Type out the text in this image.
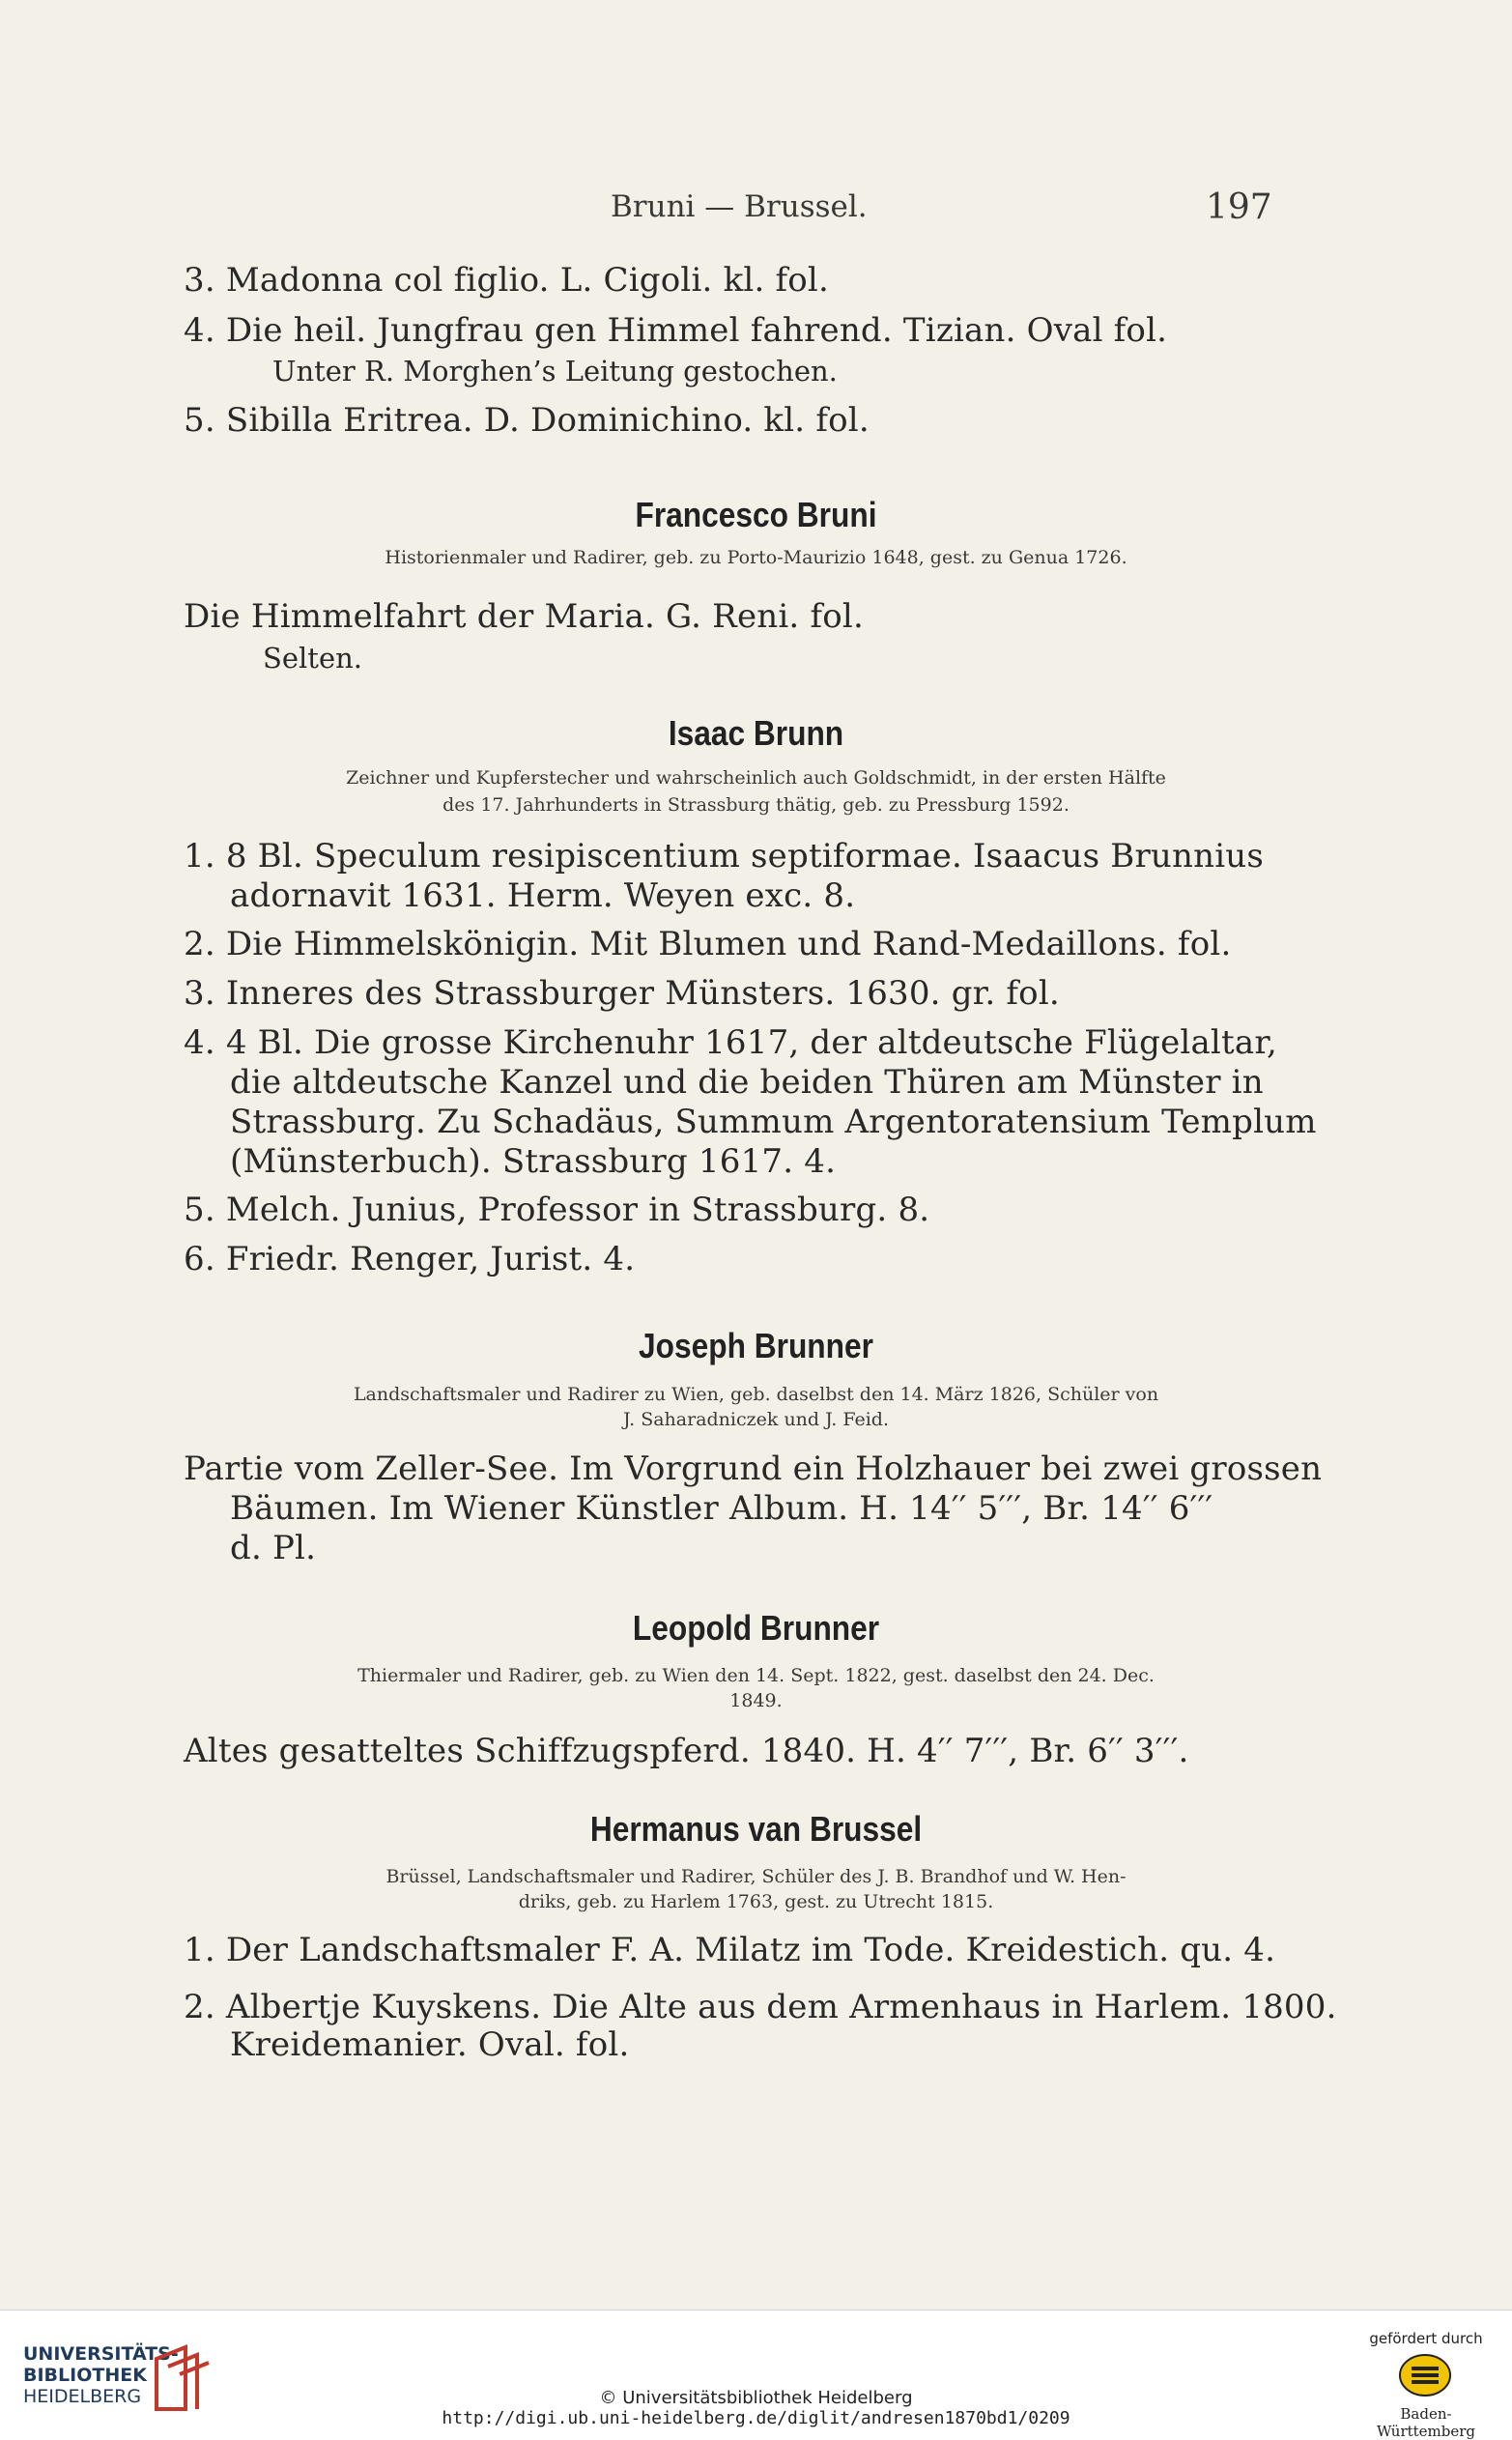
Bruni — Brussel.	197
3. Madonna col figlio. L. Cigoli. kl. fol.
4. Die heil. Jungfrau gen Himmel fahrend. Tizian. Oval fol.
Unter R. Morghen’s Leitung gestochen.
5. Sibilla Eritrea. D. Dominichino. kl. fol.
Francesco Bruni
Historienmaler und Radirer, geb. zu Porto-Maurizio 1648, gest. zu Genua 1726.
Die Himmelfahrt der Maria. G. Reni. fol.
Selten.
Isaac Brunn
Zeichner und Kupferstecher und wahrscheinlich auch Goldschmidt, in der ersten Hälfte
des 17. Jahrhunderts in Strassburg thätig, geb. zu Pressburg 1592.
1. 8 Bl. Speculum resipiscentium septiformae. Isaacus Brunnius
adornavit 1631. Herm. Weyen exc. 8.
2. Die Himmelskönigin. Mit Blumen und Rand-Medaillons. fol.
3. Inneres des Strassburger Münsters. 1630. gr. fol.
4. 4 Bl. Die grosse Kirchenuhr 1617, der altdeutsche Flügelaltar,
die altdeutsche Kanzel und die beiden Thüren am Münster in
Strassburg. Zu Schadäus, Summum Argentoratensium Templum
(Münsterbuch). Strassburg 1617. 4.
5. Melch. Junius, Professor in Strassburg. 8.
6. Friedr. Renger, Jurist. 4.
Joseph Brunner
Landschaftsmaler und Radirer zu Wien, geb. daselbst den 14. März 1826, Schüler von
J. Saharadniczek und J. Feid.
Partie vom Zeller-See. Im Vorgrund ein Holzhauer bei zwei grossen
Bäumen. Im Wiener Künstler Album. H. 14′′ 5′′′, Br. 14′′ 6′′′
d. Pl.
Leopold Brunner
Thiermaler und Radirer, geb. zu Wien den 14. Sept. 1822, gest. daselbst den 24. Dec.
1849.
Altes gesatteltes Schiffzugspferd. 1840. H. 4′′ 7′′′, Br. 6′′ 3′′′.
Hermanus van Brussel
Brüssel, Landschaftsmaler und Radirer, Schüler des J. B. Brandhof und W. Hen-
driks, geb. zu Harlem 1763, gest. zu Utrecht 1815.
1. Der Landschaftsmaler F. A. Milatz im Tode. Kreidestich. qu. 4.
2. Albertje Kuyskens. Die Alte aus dem Armenhaus in Harlem. 1800.
Kreidemanier. Oval. fol.
UNIVERSITÄTS-
BIBLIOTHEK
HEIDELBERG	© Universitätsbibliothek Heidelberg
http://digi.ub.uni-heidelberg.de/diglit/andresen1870bd1/0209
gefördert durch
Baden-Württemberg
